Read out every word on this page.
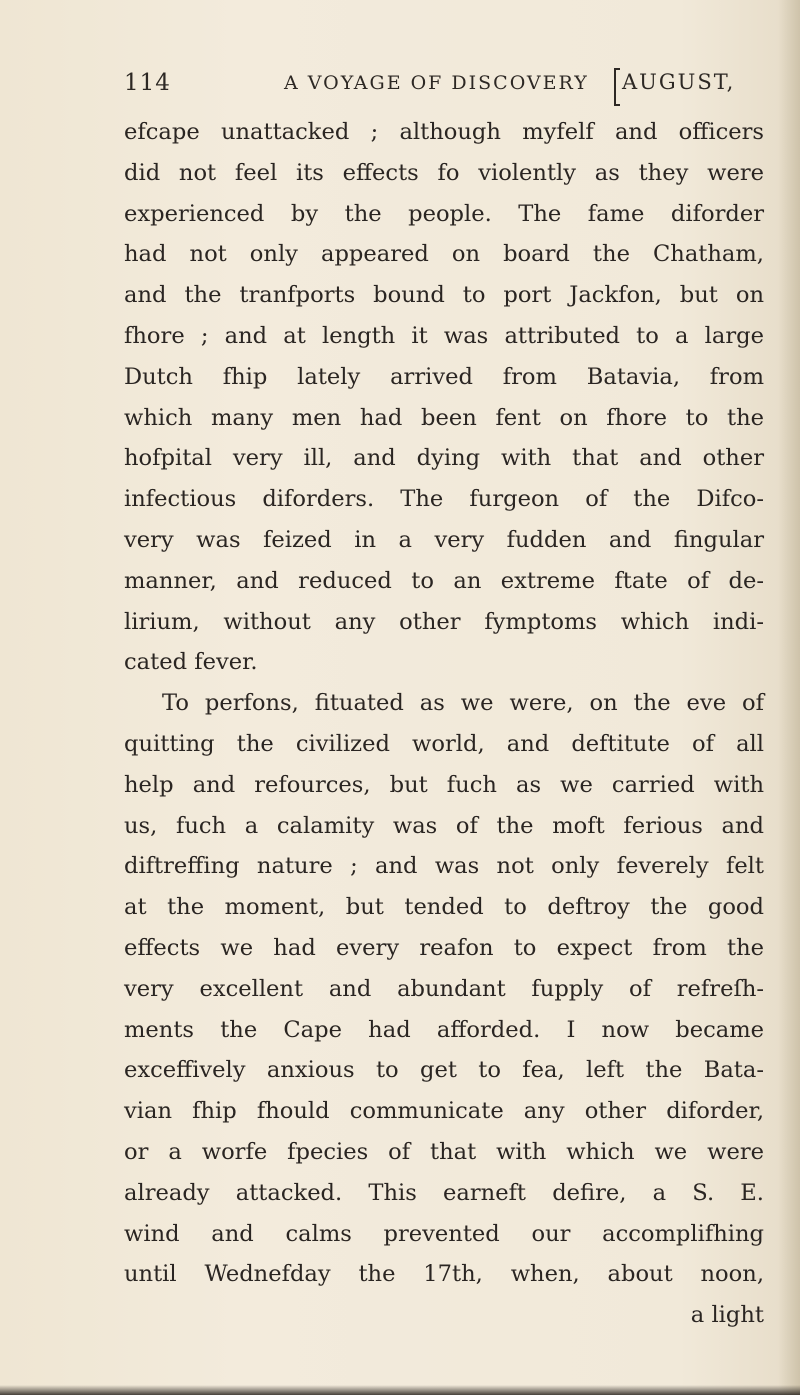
114	A VOYAGE OF DISCOVERY AUGUST,
efcape unattacked ; although myfelf and officers
did not feel its effects fo violently as they were
experienced by the people. The fame diforder
had not only appeared on board the Chatham,
and the tranfports bound to port Jackfon, but on
fhore ; and at length it was attributed to a large
Dutch fhip lately arrived from Batavia, from
which many men had been fent on fhore to the
hofpital very ill, and dying with that and other
infectious diforders. The furgeon of the Difco-
very was feized in a very fudden and fingular
manner, and reduced to an extreme ftate of de-
lirium, without any other fymptoms which indi-
cated fever.
To perfons, fituated as we were, on the eve of
quitting the civilized world, and deftitute of all
help and refources, but fuch as we carried with
us, fuch a calamity was of the moft ferious and
diftreffing nature ; and was not only feverely felt
at the moment, but tended to deftroy the good
effects we had every reafon to expect from the
very excellent and abundant fupply of refreſh-
ments the Cape had afforded. I now became
exceffively anxious to get to fea, left the Bata-
vian fhip fhould communicate any other diforder,
or a worfe fpecies of that with which we were
already attacked. This earneft defire, a S. E.
wind and calms prevented our accomplifhing
until Wednefday the 17th, when, about noon,
a light
